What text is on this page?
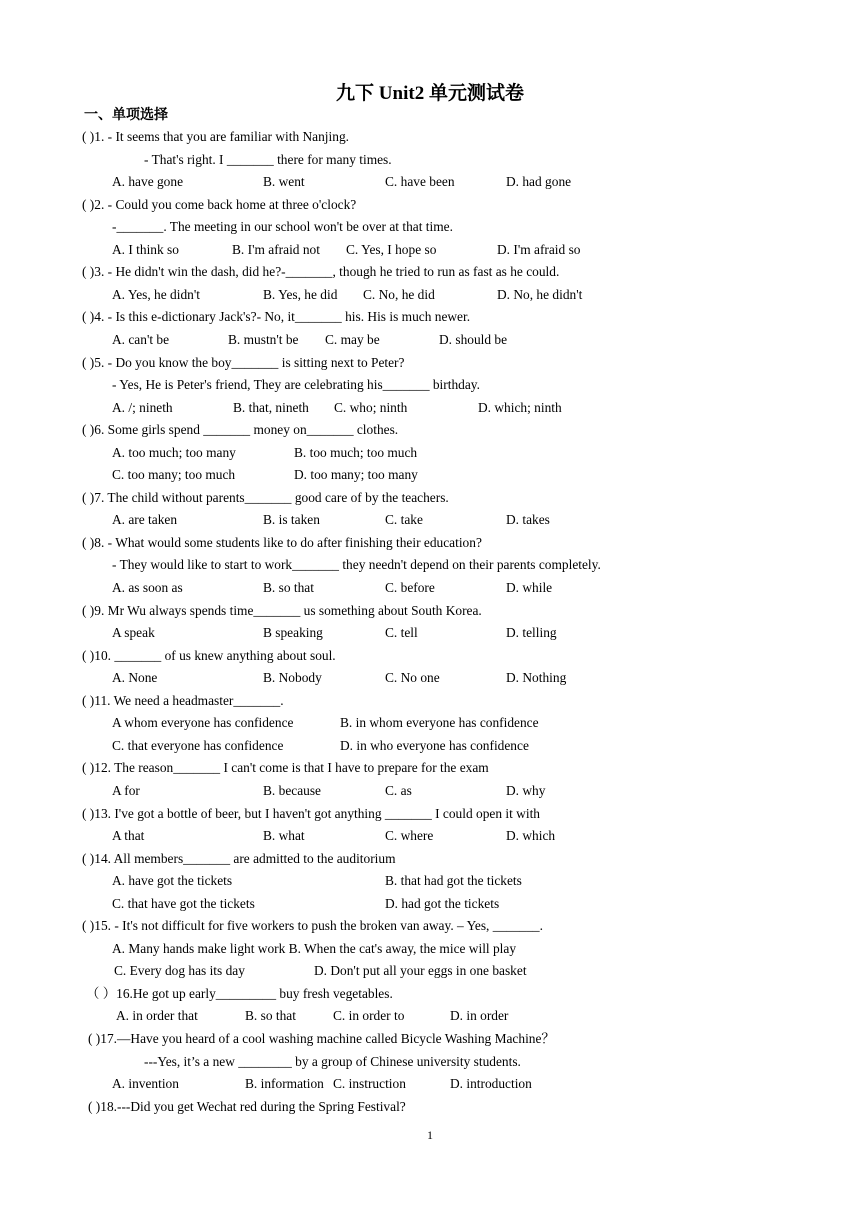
九下 Unit2 单元测试卷
一、单项选择
( )1. - It seems that you are familiar with Nanjing.
- That's right. I _______ there for many times.
A. have gone	B. went	C. have been	D. had gone
( )2. - Could you come back home at three o'clock?
-_______. The meeting in our school won't be over at that time.
A. I think so	B. I'm afraid not C. Yes, I hope so	D. I'm afraid so
( )3. - He didn't win the dash, did he?-_______, though he tried to run as fast as he could.
A. Yes, he didn't	B. Yes, he did C. No, he did	D. No, he didn't
( )4. - Is this e-dictionary Jack's?- No, it_______ his. His is much newer.
A. can't be	B. mustn't be C. may be	D. should be
( )5. - Do you know the boy_______ is sitting next to Peter?
- Yes, He is Peter's friend, They are celebrating his_______ birthday.
A. /; nineth	B. that, nineth C. who; ninth	D. which; ninth
( )6. Some girls spend _______ money on_______ clothes.
A. too much; too many	B. too much; too much
C. too many; too much	D. too many; too many
( )7. The child without parents_______ good care of by the teachers.
A. are taken	B. is taken	C. take	D. takes
( )8. - What would some students like to do after finishing their education?
- They would like to start to work_______ they needn't depend on their parents completely.
A. as soon as	B. so that	C. before	D. while
( )9. Mr Wu always spends time_______ us something about South Korea.
A speak	B speaking	C. tell	D. telling
( )10. _______ of us knew anything about soul.
A. None	B. Nobody	C. No one	D. Nothing
( )11. We need a headmaster_______.
A whom everyone has confidence	B. in whom everyone has confidence
C. that everyone has confidence	D. in who everyone has confidence
( )12. The reason_______ I can't come is that I have to prepare for the exam
A for	B. because	C. as	D. why
( )13. I've got a bottle of beer, but I haven't got anything _______ I could open it with
A that	B. what	C. where	D. which
( )14. All members_______ are admitted to the auditorium
A. have got the tickets	B. that had got the tickets
C. that have got the tickets	D. had got the tickets
( )15. - It's not difficult for five workers to push the broken van away. – Yes, _______.
A. Many hands make light work B. When the cat's away, the mice will play
C. Every dog has its day	D. Don't put all your eggs in one basket
（ ）16.He got up early_________ buy fresh vegetables.
A. in order that	B. so that	C. in order to	D. in order
( )17.—Have you heard of a cool washing machine called Bicycle Washing Machine？
---Yes, it’s a new ________ by a group of Chinese university students.
A. invention	B. information C. instruction	D. introduction
( )18.---Did you get Wechat red during the Spring Festival?
1
